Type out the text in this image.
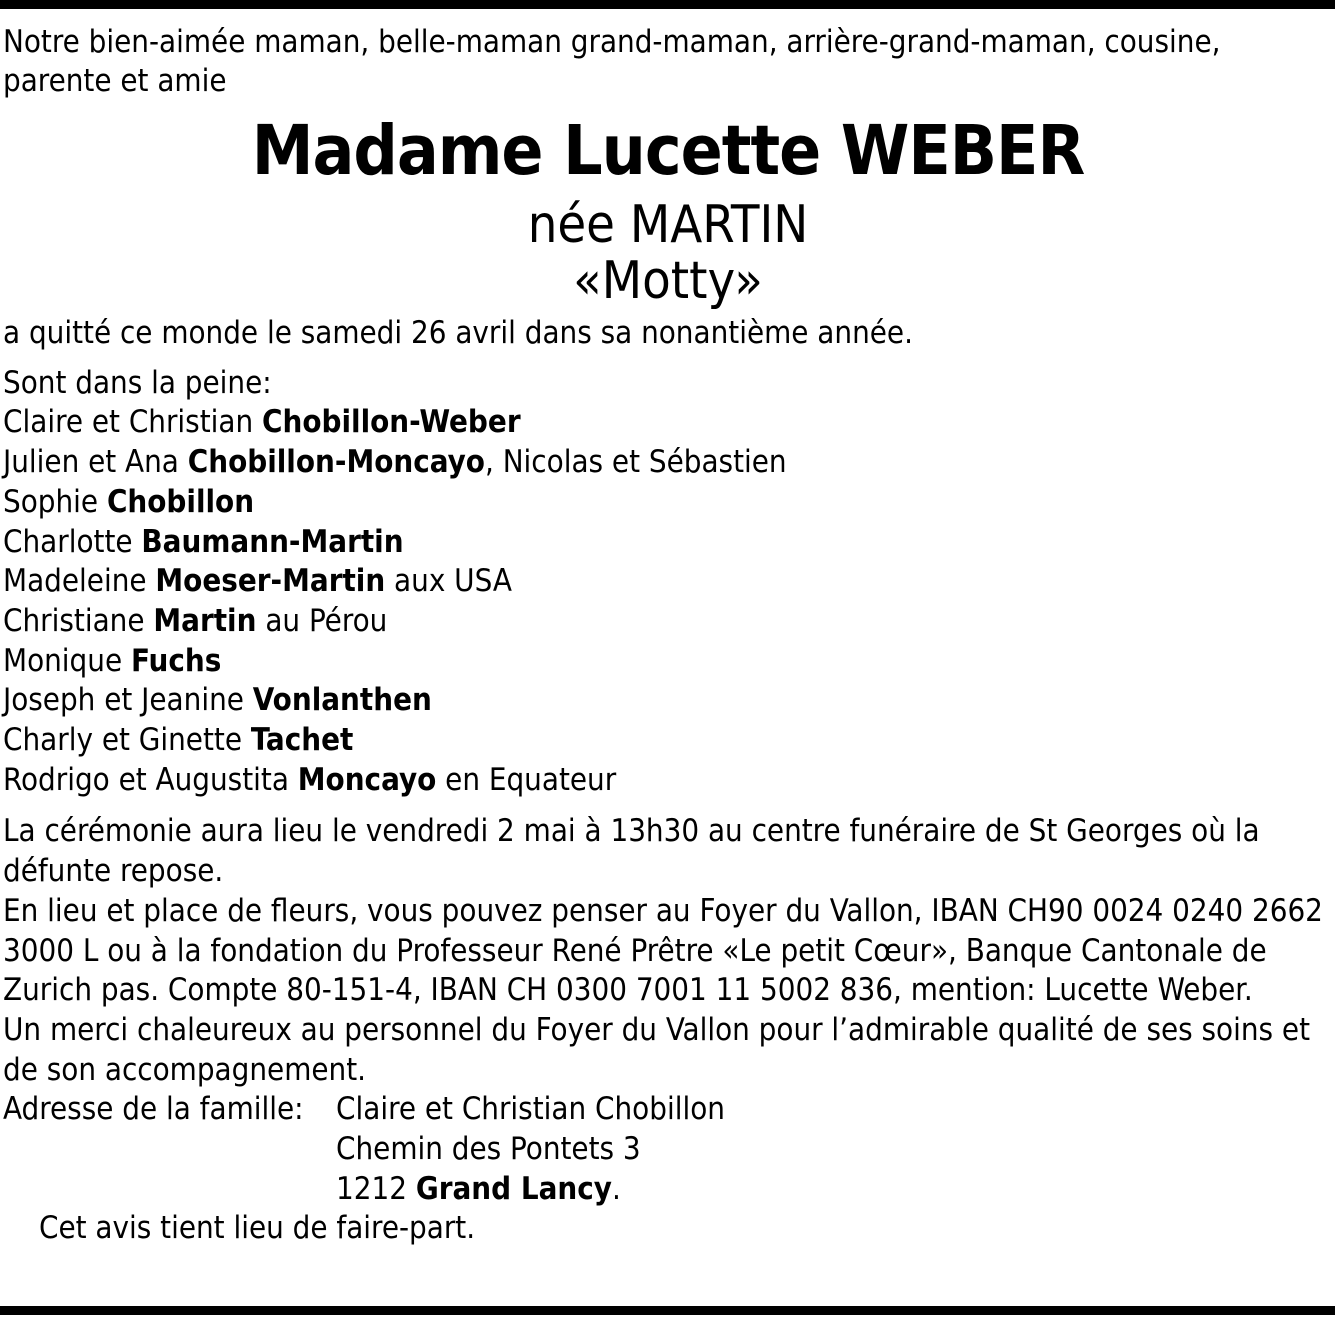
Notre bien-aimée maman, belle-maman grand-maman, arrière-grand-maman, cousine, parente et amie

Madame Lucette WEBER
née MARTIN
«Motty»

a quitté ce monde le samedi 26 avril dans sa nonantième année.

Sont dans la peine:

Claire et Christian Chobillon-Weber

Julien et Ana Chobillon-Moncayo, Nicolas et Sébastien

Sophie Chobillon

Charlotte Baumann-Martin

Madeleine Moeser-Martin aux USA

Christiane Martin au Pérou

Monique Fuchs

Joseph et Jeanine Vonlanthen

Charly et Ginette Tachet

Rodrigo et Augustita Moncayo en Equateur

La cérémonie aura lieu le vendredi 2 mai à 13h30 au centre funéraire de St Georges où la défunte repose.

En lieu et place de fleurs, vous pouvez penser au Foyer du Vallon, IBAN CH90 0024 0240 2662 3000 L ou à la fondation du Professeur René Prêtre «Le petit Cœur», Banque Cantonale de Zurich pas. Compte 80-151-4, IBAN CH 0300 7001 11 5002 836, mention: Lucette Weber.

Un merci chaleureux au personnel du Foyer du Vallon pour l’admirable qualité de ses soins et de son accompagnement.

Adresse de la famille:	Claire et Christian Chobillon
Chemin des Pontets 3
1212 Grand Lancy.

Cet avis tient lieu de faire-part.
